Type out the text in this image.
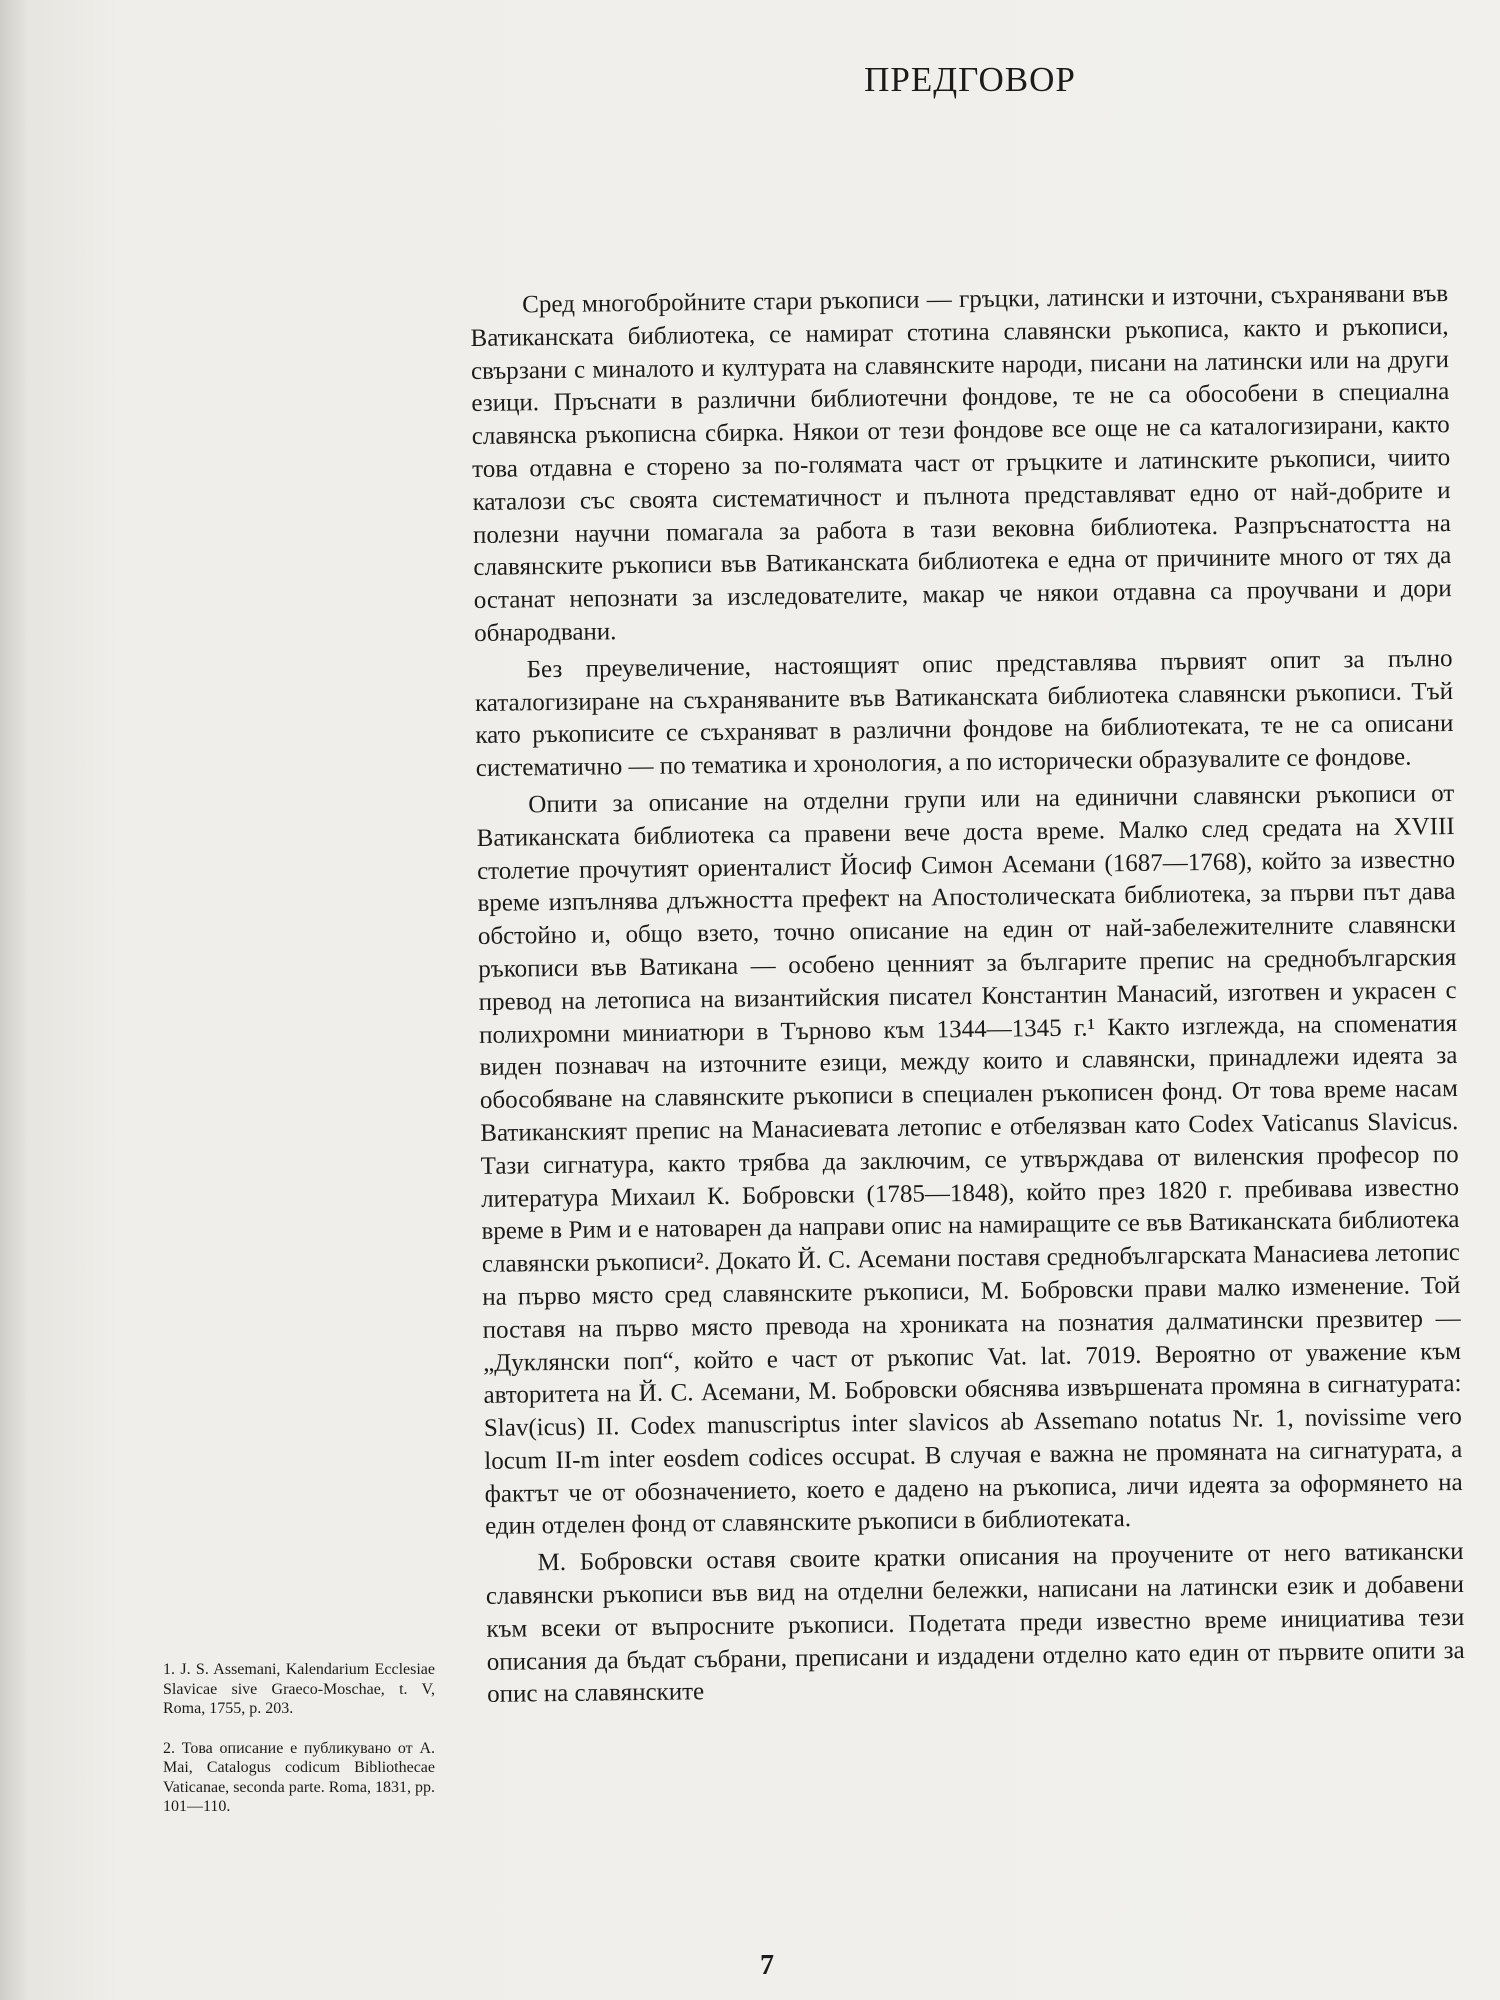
ПРЕДГОВОР

Сред многобройните стари ръкописи — гръцки, латински и източни, съхранявани във Ватиканската библиотека, се намират стотина славянски ръкописа, както и ръкописи, свързани с миналото и културата на славянските народи, писани на латински или на други езици. Пръснати в различни библиотечни фондове, те не са обособени в специална славянска ръкописна сбирка. Някои от тези фондове все още не са каталогизирани, както това отдавна е сторено за по-голямата част от гръцките и латинските ръкописи, чиито каталози със своята систематичност и пълнота представляват едно от най-добрите и полезни научни помагала за работа в тази вековна библиотека. Разпръснатостта на славянските ръкописи във Ватиканската библиотека е една от причините много от тях да останат непознати за изследователите, макар че някои отдавна са проучвани и дори обнародвани.

Без преувеличение, настоящият опис представлява първият опит за пълно каталогизиране на съхраняваните във Ватиканската библиотека славянски ръкописи. Тъй като ръкописите се съхраняват в различни фондове на библиотеката, те не са описани систематично — по тематика и хронология, а по исторически образувалите се фондове.

Опити за описание на отделни групи или на единични славянски ръкописи от Ватиканската библиотека са правени вече доста време. Малко след средата на XVIII столетие прочутият ориенталист Йосиф Симон Асемани (1687—1768), който за известно време изпълнява длъжността префект на Апостолическата библиотека, за първи път дава обстойно и, общо взето, точно описание на един от най-забележителните славянски ръкописи във Ватикана — особено ценният за българите препис на среднобългарския превод на летописа на византийския писател Константин Манасий, изготвен и украсен с полихромни миниатюри в Търново към 1344—1345 г.¹ Както изглежда, на споменатия виден познавач на източните езици, между които и славянски, принадлежи идеята за обособяване на славянските ръкописи в специален ръкописен фонд. От това време насам Ватиканският препис на Манасиевата летопис е отбелязван като Codex Vaticanus Slavicus. Тази сигнатура, както трябва да заключим, се утвърждава от виленския професор по литература Михаил К. Бобровски (1785—1848), който през 1820 г. пребивава известно време в Рим и е натоварен да направи опис на намиращите се във Ватиканската библиотека славянски ръкописи². Докато Й. С. Асемани поставя среднобългарската Манасиева летопис на първо място сред славянските ръкописи, М. Бобровски прави малко изменение. Той поставя на първо място превода на хрониката на познатия далматински презвитер — „Дуклянски поп“, който е част от ръкопис Vat. lat. 7019. Вероятно от уважение към авторитета на Й. С. Асемани, М. Бобровски обяснява извършената промяна в сигнатурата: Slav(icus) II. Codex manuscriptus inter slavicos ab Assemano notatus Nr. 1, novissime vero locum II-m inter eosdem codices occupat. В случая е важна не промяната на сигнатурата, а фактът че от обозначението, което е дадено на ръкописа, личи идеята за оформянето на един отделен фонд от славянските ръкописи в библиотеката.

М. Бобровски оставя своите кратки описания на проучените от него ватикански славянски ръкописи във вид на отделни бележки, написани на латински език и добавени към всеки от въпросните ръкописи. Подетата преди известно време инициатива тези описания да бъдат събрани, преписани и издадени отделно като един от първите опити за опис на славянските

1. J. S. Assemani, Kalendarium Ecclesiae Slavicae sive Graeco-Moschae, t. V, Roma, 1755, p. 203.

2. Това описание е публикувано от A. Mai, Catalogus codicum Bibliothecae Vaticanae, seconda parte. Roma, 1831, pp. 101—110.

7
